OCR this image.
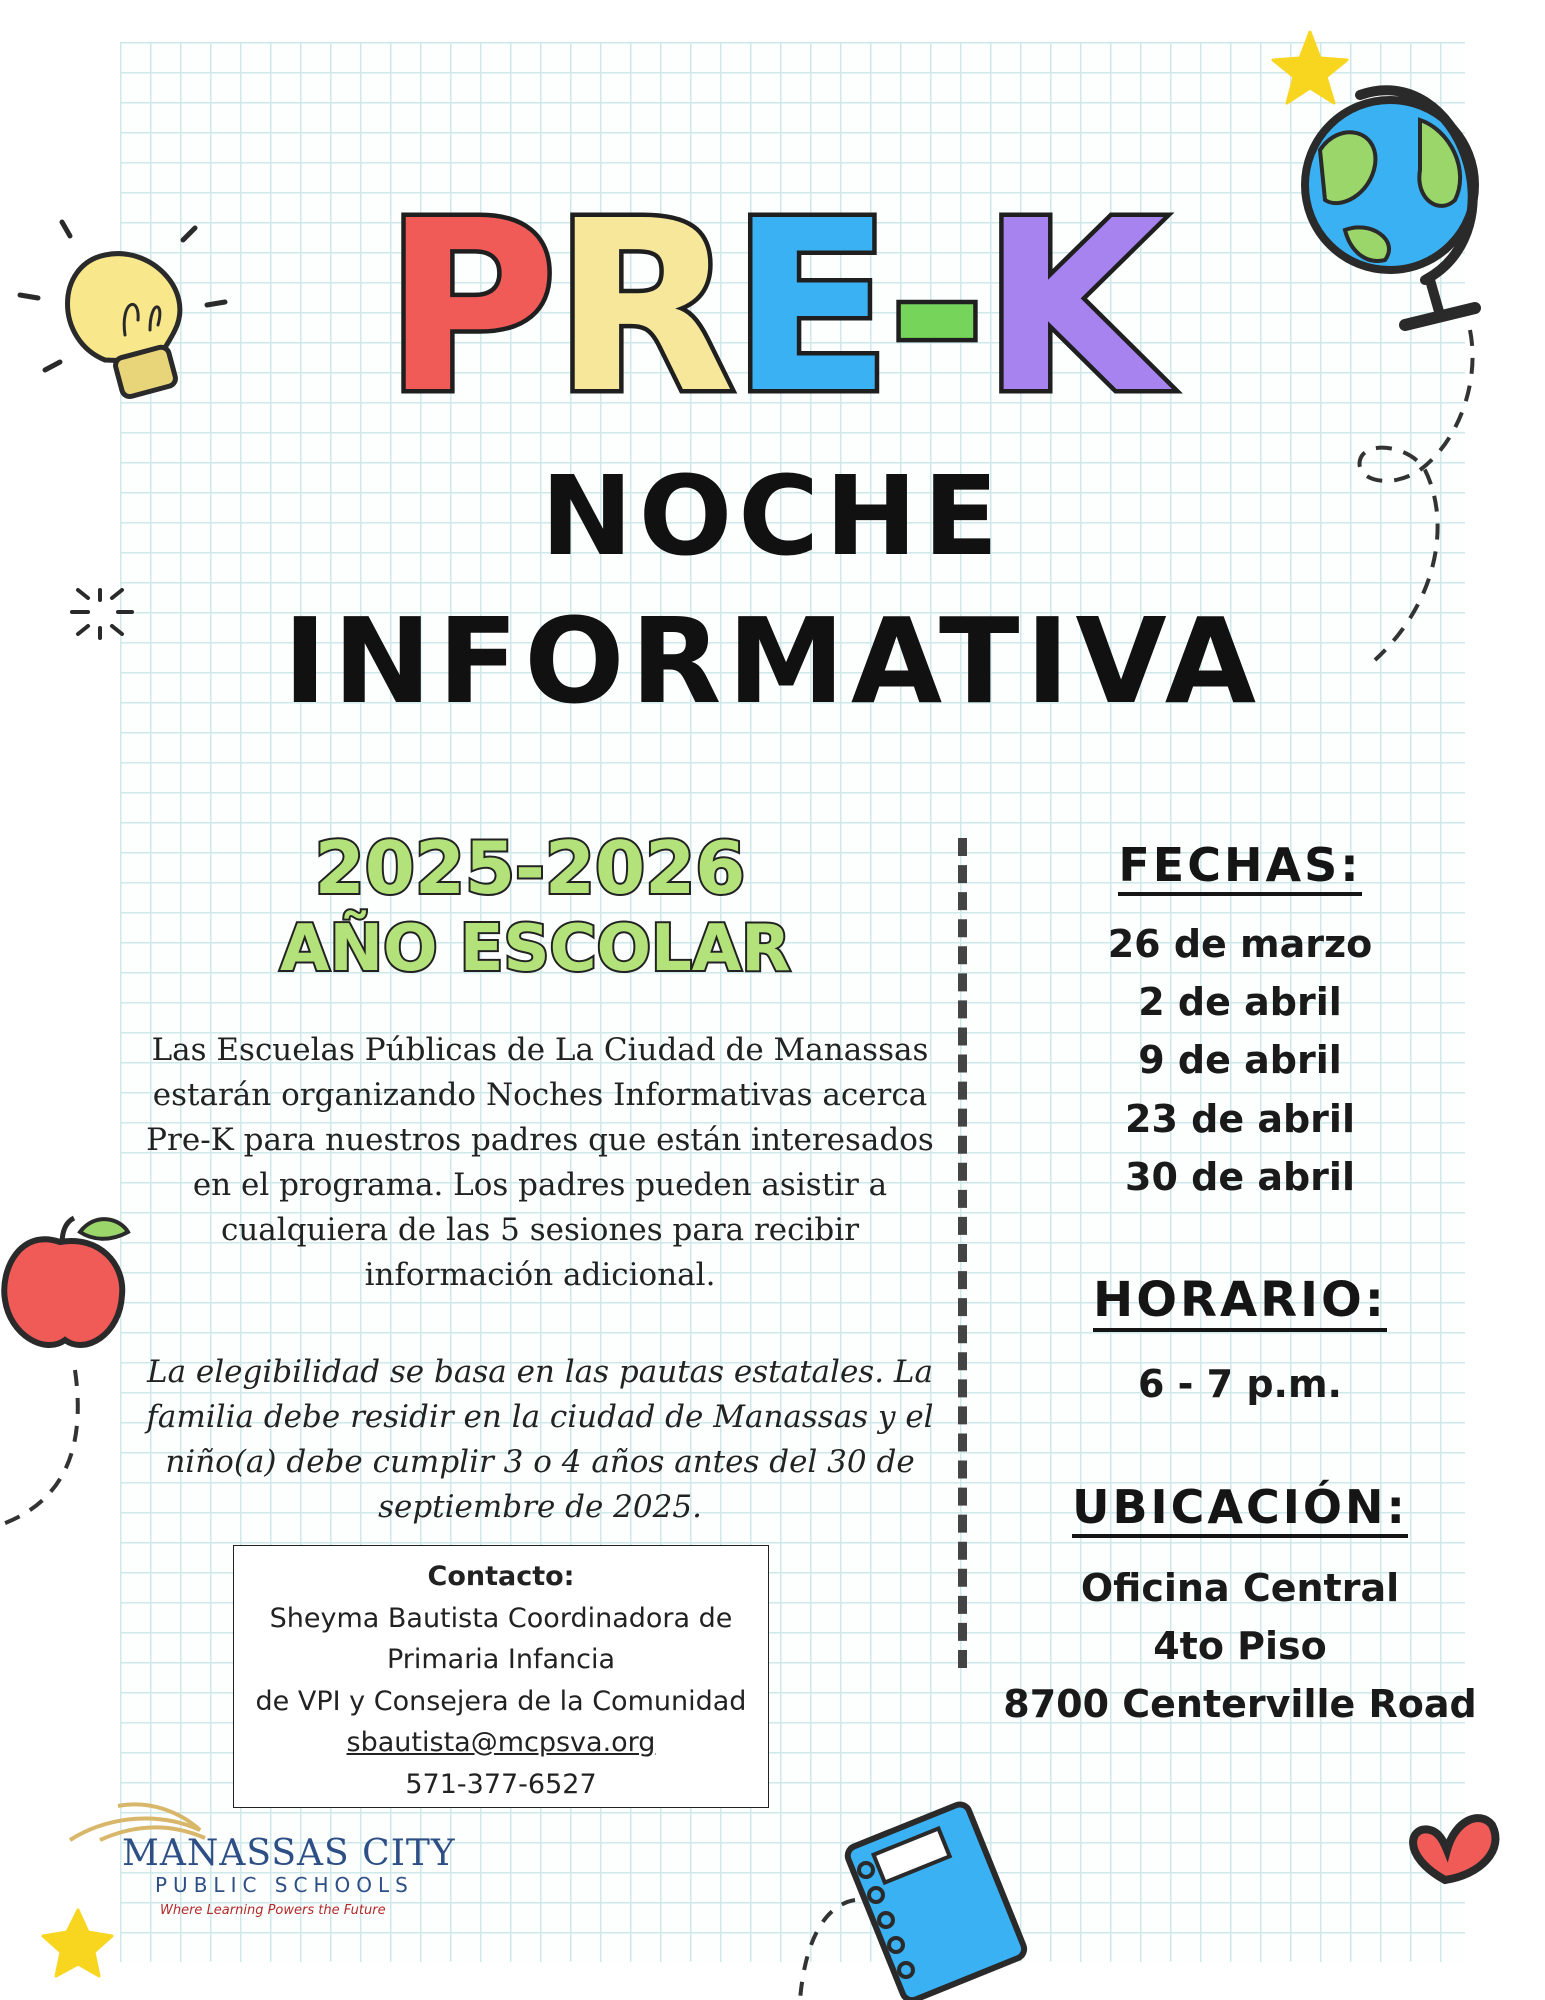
PRE-K
NOCHE
INFORMATIVA
2025-2026
AÑO ESCOLAR
Las Escuelas Públicas de La Ciudad de Manassas
estarán organizando Noches Informativas acerca
Pre-K para nuestros padres que están interesados
en el programa. Los padres pueden asistir a
cualquiera de las 5 sesiones para recibir
información adicional.
La elegibilidad se basa en las pautas estatales. La
familia debe residir en la ciudad de Manassas y el
niño(a) debe cumplir 3 o 4 años antes del 30 de
septiembre de 2025.
Contacto:
Sheyma Bautista Coordinadora de
Primaria Infancia
de VPI y Consejera de la Comunidad
sbautista@mcpsva.org
571-377-6527
FECHAS:
26 de marzo
2 de abril
9 de abril
23 de abril
30 de abril
HORARIO:
6 - 7 p.m.
UBICACIÓN:
Oficina Central
4to Piso
8700 Centerville Road
MANASSAS CITY
PUBLIC SCHOOLS
Where Learning Powers the Future
